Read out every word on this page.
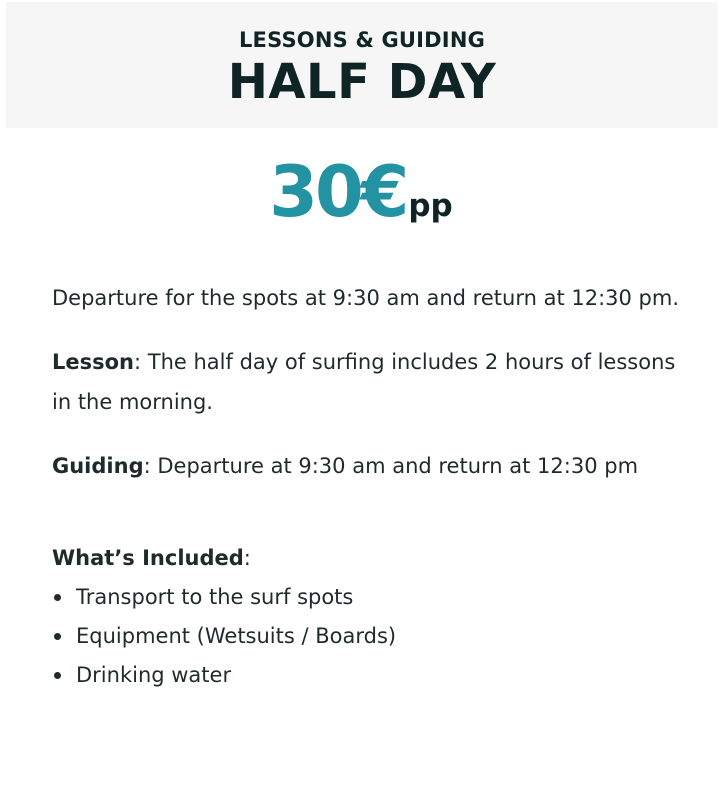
LESSONS & GUIDING
HALF DAY
30€pp

Departure for the spots at 9:30 am and return at 12:30 pm.

Lesson: The half day of surfing includes 2 hours of lessons in the morning.

Guiding: Departure at 9:30 am and return at 12:30 pm

What’s Included:
Transport to the surf spots
Equipment (Wetsuits / Boards)
Drinking water
